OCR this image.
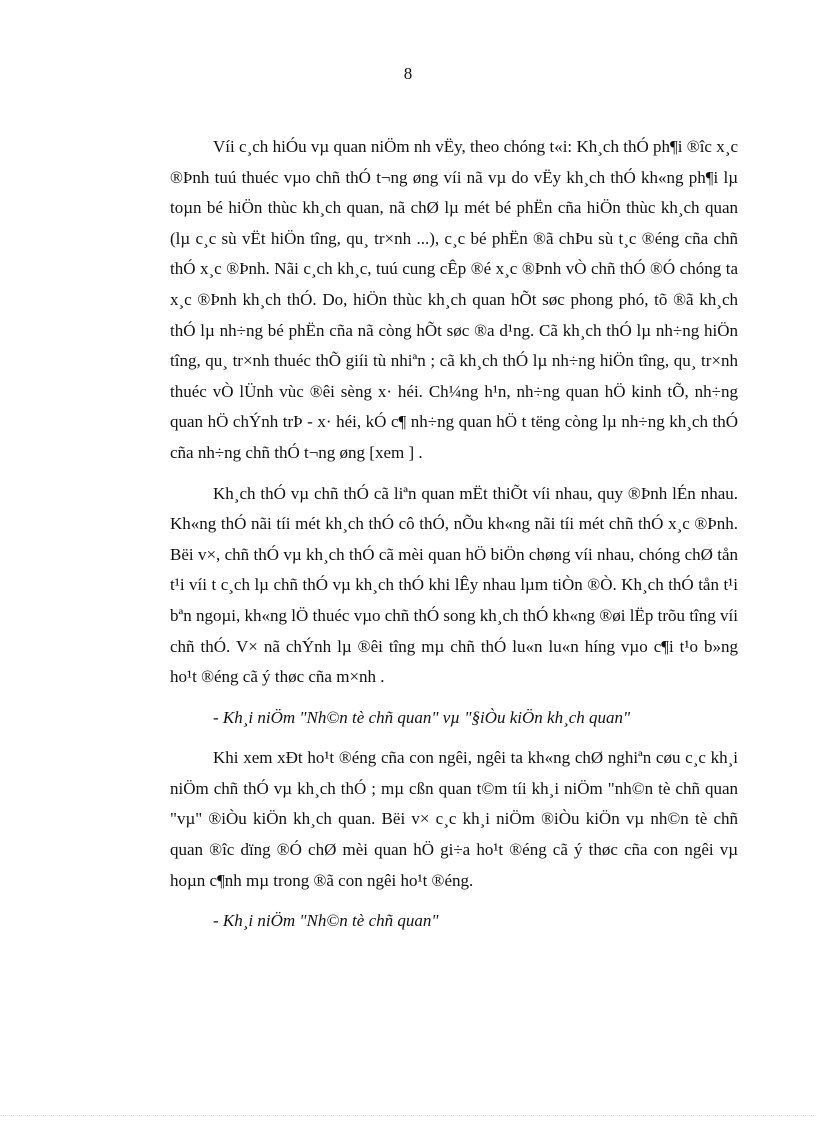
8

Víi c¸ch hiÓu vµ quan niÖm nh vËy, theo chóng t«i: Kh¸ch thÓ ph¶i ®îc x¸c ®Þnh tuú thuéc vµo chñ thÓ t¬ng øng víi nã vµ do vËy kh¸ch thÓ kh«ng ph¶i lµ toµn bé hiÖn thùc kh¸ch quan, nã chØ lµ mét bé phËn cña hiÖn thùc kh¸ch quan (lµ c¸c sù vËt hiÖn tîng, qu¸ tr×nh ...), c¸c bé phËn ®ã chÞu sù t¸c ®éng cña chñ thÓ x¸c ®Þnh. Nãi c¸ch kh¸c, tuú cung cÊp ®é x¸c ®Þnh vÒ chñ thÓ ®Ó chóng ta x¸c ®Þnh kh¸ch thÓ. Do, hiÖn thùc kh¸ch quan hÕt søc phong phó, tõ ®ã kh¸ch thÓ lµ nh÷ng bé phËn cña nã còng hÕt søc ®a d¹ng. Cã kh¸ch thÓ lµ nh÷ng hiÖn tîng, qu¸ tr×nh thuéc thÕ giíi tù nhiªn ; cã kh¸ch thÓ lµ nh÷ng hiÖn tîng, qu¸ tr×nh thuéc vÒ lÜnh vùc ®êi sèng x· héi. Ch¼ng h¹n, nh÷ng quan hÖ kinh tÕ, nh÷ng quan hÖ chÝnh trÞ - x· héi, kÓ c¶ nh÷ng quan hÖ t tëng còng lµ nh÷ng kh¸ch thÓ cña nh÷ng chñ thÓ t¬ng øng [xem ] .

Kh¸ch thÓ vµ chñ thÓ cã liªn quan mËt thiÕt víi nhau, quy ®Þnh lÉn nhau. Kh«ng thÓ nãi tíi mét kh¸ch thÓ cô thÓ, nÕu kh«ng nãi tíi mét chñ thÓ x¸c ®Þnh. Bëi v×, chñ thÓ vµ kh¸ch thÓ cã mèi quan hÖ biÖn chøng víi nhau, chóng chØ tån t¹i víi t c¸ch lµ chñ thÓ vµ kh¸ch thÓ khi lÊy nhau lµm tiÒn ®Ò. Kh¸ch thÓ tån t¹i bªn ngoµi, kh«ng lÖ thuéc vµo chñ thÓ song kh¸ch thÓ kh«ng ®øi lËp trõu tîng víi chñ thÓ. V× nã chÝnh lµ ®êi tîng mµ chñ thÓ lu«n lu«n híng vµo c¶i t¹o b»ng ho¹t ®éng cã ý thøc cña m×nh .

- Kh¸i niÖm "Nh©n tè chñ quan" vµ "§iÒu kiÖn kh¸ch quan"

Khi xem xÐt ho¹t ®éng cña con ngêi, ngêi ta kh«ng chØ nghiªn cøu c¸c kh¸i niÖm chñ thÓ vµ kh¸ch thÓ ; mµ cßn quan t©m tíi kh¸i niÖm "nh©n tè chñ quan "vµ" ®iÒu kiÖn kh¸ch quan. Bëi v× c¸c kh¸i niÖm ®iÒu kiÖn vµ nh©n tè chñ quan ®îc dïng ®Ó chØ mèi quan hÖ gi÷a ho¹t ®éng cã ý thøc cña con ngêi vµ hoµn c¶nh mµ trong ®ã con ngêi ho¹t ®éng.

- Kh¸i niÖm "Nh©n tè chñ quan"
